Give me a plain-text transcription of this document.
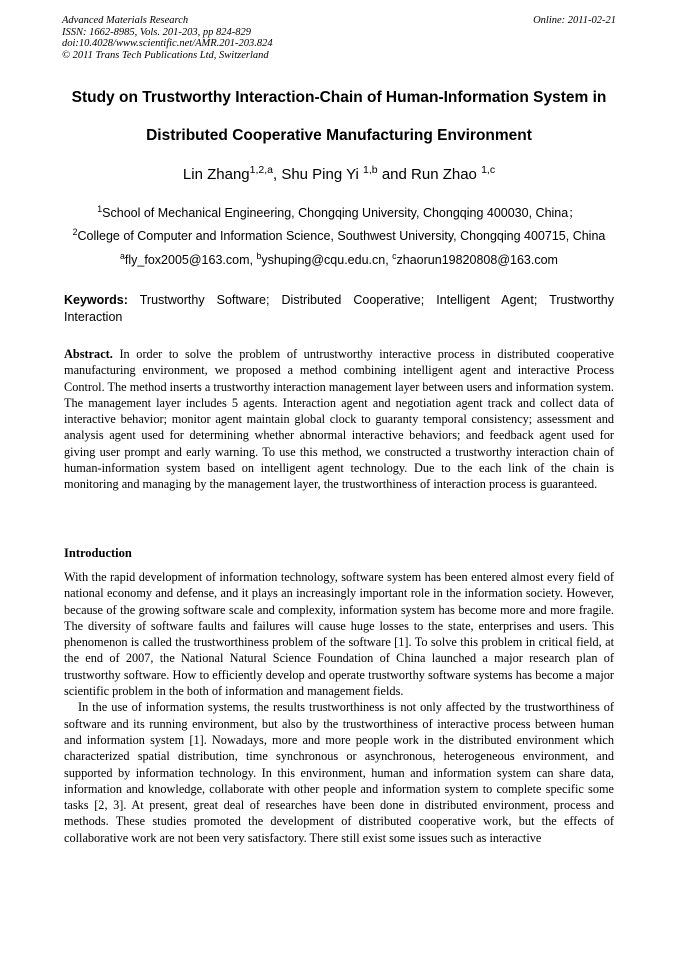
Advanced Materials Research
ISSN: 1662-8985, Vols. 201-203, pp 824-829
doi:10.4028/www.scientific.net/AMR.201-203.824
© 2011 Trans Tech Publications Ltd, Switzerland
Online: 2011-02-21
Study on Trustworthy Interaction-Chain of Human-Information System in
Distributed Cooperative Manufacturing Environment
Lin Zhang$^{1,2,a}$, Shu Ping Yi $^{1,b}$ and Run Zhao $^{1,c}$
$^1$School of Mechanical Engineering, Chongqing University, Chongqing 400030, China；
$^2$College of Computer and Information Science, Southwest University, Chongqing 400715, China
$^a$fly_fox2005@163.com, $^b$yshuping@cqu.edu.cn, $^c$zhaorun19820808@163.com
Keywords: Trustworthy Software; Distributed Cooperative; Intelligent Agent; Trustworthy
Interaction
Abstract. In order to solve the problem of untrustworthy interactive process in distributed cooperative manufacturing environment, we proposed a method combining intelligent agent and interactive Process Control. The method inserts a trustworthy interaction management layer between users and information system. The management layer includes 5 agents. Interaction agent and negotiation agent track and collect data of interactive behavior; monitor agent maintain global clock to guaranty temporal consistency; assessment and analysis agent used for determining whether abnormal interactive behaviors; and feedback agent used for giving user prompt and early warning. To use this method, we constructed a trustworthy interaction chain of human-information system based on intelligent agent technology. Due to the each link of the chain is monitoring and managing by the management layer, the trustworthiness of interaction process is guaranteed.
Introduction

With the rapid development of information technology, software system has been entered almost every field of national economy and defense, and it plays an increasingly important role in the information society. However, because of the growing software scale and complexity, information system has become more and more fragile. The diversity of software faults and failures will cause huge losses to the state, enterprises and users. This phenomenon is called the trustworthiness problem of the software [1]. To solve this problem in critical field, at the end of 2007, the National Natural Science Foundation of China launched a major research plan of trustworthy software. How to efficiently develop and operate trustworthy software systems has become a major scientific problem in the both of information and management fields.

In the use of information systems, the results trustworthiness is not only affected by the trustworthiness of software and its running environment, but also by the trustworthiness of interactive process between human and information system [1]. Nowadays, more and more people work in the distributed environment which characterized spatial distribution, time synchronous or asynchronous, heterogeneous environment, and supported by information technology. In this environment, human and information system can share data, information and knowledge, collaborate with other people and information system to complete specific some tasks [2, 3]. At present, great deal of researches have been done in distributed environment, process and methods. These studies promoted the development of distributed cooperative work, but the effects of collaborative work are not been very satisfactory. There still exist some issues such as interactive
